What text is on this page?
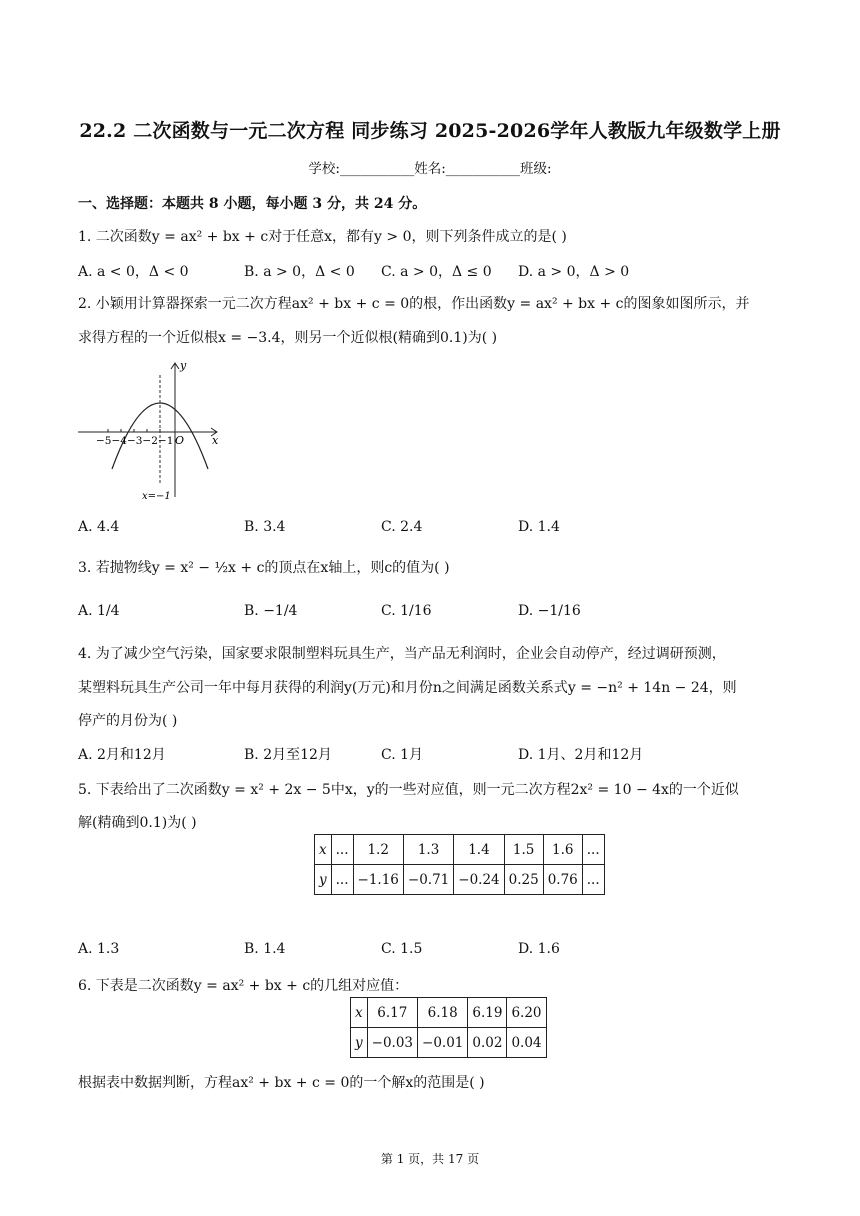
22.2 二次函数与一元二次方程 同步练习 2025-2026学年人教版九年级数学上册
学校:___________姓名:___________班级:
一、选择题：本题共 8 小题，每小题 3 分，共 24 分。
1. 二次函数y = ax² + bx + c对于任意x，都有y > 0，则下列条件成立的是( )
A. a < 0，Δ < 0	B. a > 0，Δ < 0 C. a > 0，Δ ≤ 0 D. a > 0，Δ > 0
2. 小颖用计算器探索一元二次方程ax² + bx + c = 0的根，作出函数y = ax² + bx + c的图象如图所示，并
求得方程的一个近似根x = −3.4，则另一个近似根(精确到0.1)为( )
y
x
O
−5−4−3−2−1
x=−1
A. 4.4	B. 3.4	C. 2.4	D. 1.4
3. 若抛物线y = x² − ½x + c的顶点在x轴上，则c的值为( )
A. 1/4	B. −1/4	C. 1/16	D. −1/16
4. 为了减少空气污染，国家要求限制塑料玩具生产，当产品无利润时，企业会自动停产，经过调研预测，
某塑料玩具生产公司一年中每月获得的利润y(万元)和月份n之间满足函数关系式y = −n² + 14n − 24，则
停产的月份为( )
A. 2月和12月	B. 2月至12月	C. 1月	D. 1月、2月和12月
5. 下表给出了二次函数y = x² + 2x − 5中x，y的一些对应值，则一元二次方程2x² = 10 − 4x的一个近似
解(精确到0.1)为( )
x	...	1.2	1.3	1.4	1.5	1.6	...
y	...	−1.16	−0.71	−0.24	0.25	0.76	...
A. 1.3	B. 1.4	C. 1.5	D. 1.6
6. 下表是二次函数y = ax² + bx + c的几组对应值：
x	6.17	6.18	6.19	6.20
y	−0.03	−0.01	0.02	0.04
根据表中数据判断，方程ax² + bx + c = 0的一个解x的范围是( )
第 1 页，共 17 页
